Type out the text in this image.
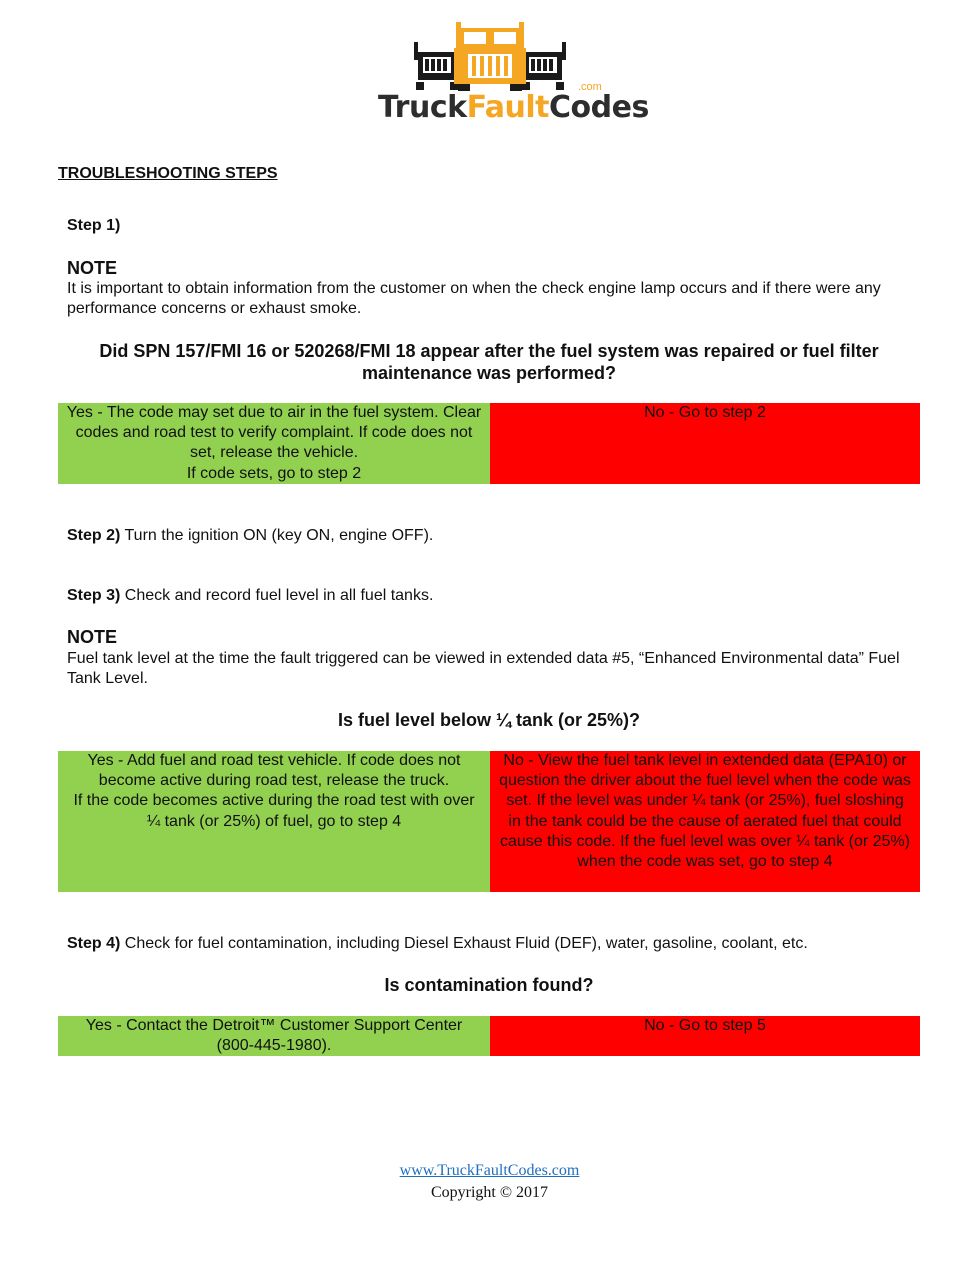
.com
TruckFaultCodes
TROUBLESHOOTING STEPS
Step 1)
NOTE
It is important to obtain information from the customer on when the check engine lamp occurs and if there were any performance concerns or exhaust smoke.
Did SPN 157/FMI 16 or 520268/FMI 18 appear after the fuel system was repaired or fuel filter maintenance was performed?
Yes - The code may set due to air in the fuel system. Clear codes and road test to verify complaint. If code does not set, release the vehicle.
If code sets, go to step 2
No - Go to step 2
Step 2) Turn the ignition ON (key ON, engine OFF).
Step 3) Check and record fuel level in all fuel tanks.
NOTE
Fuel tank level at the time the fault triggered can be viewed in extended data #5, “Enhanced Environmental data” Fuel Tank Level.
Is fuel level below ¼ tank (or 25%)?
Yes - Add fuel and road test vehicle. If code does not become active during road test, release the truck.
If the code becomes active during the road test with over ¼ tank (or 25%) of fuel, go to step 4
No - View the fuel tank level in extended data (EPA10) or question the driver about the fuel level when the code was set. If the level was under ¼ tank (or 25%), fuel sloshing in the tank could be the cause of aerated fuel that could cause this code. If the fuel level was over ¼ tank (or 25%) when the code was set, go to step 4
Step 4) Check for fuel contamination, including Diesel Exhaust Fluid (DEF), water, gasoline, coolant, etc.
Is contamination found?
Yes - Contact the Detroit™ Customer Support Center (800-445-1980).
No - Go to step 5
www.TruckFaultCodes.com
Copyright © 2017
